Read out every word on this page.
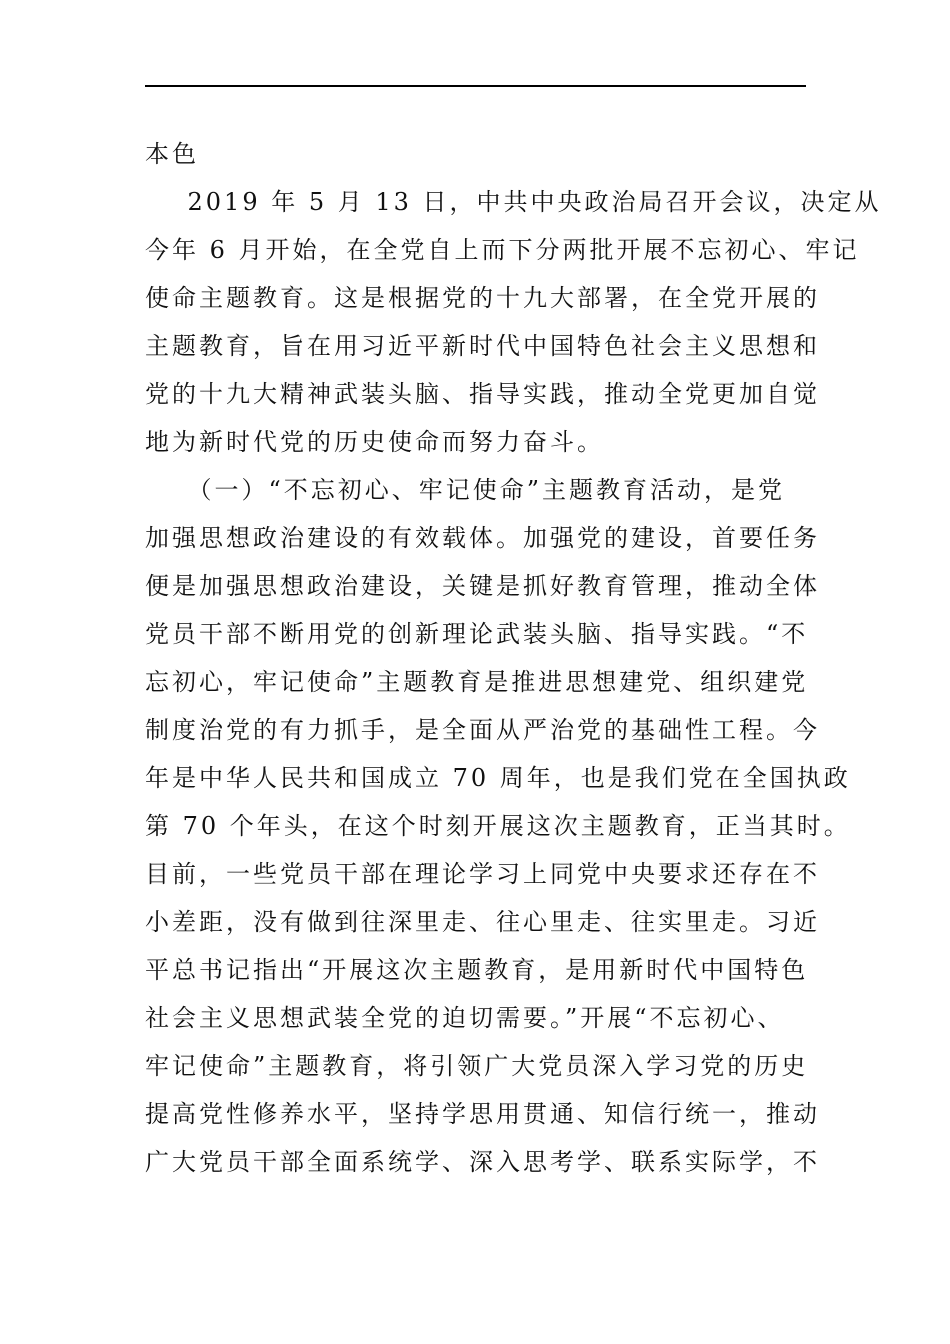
本色
2019 年 5 月 13 日，中共中央政治局召开会议，决定从
今年 6 月开始，在全党自上而下分两批开展不忘初心、牢记
使命主题教育。这是根据党的十九大部署，在全党开展的
主题教育，旨在用习近平新时代中国特色社会主义思想和
党的十九大精神武装头脑、指导实践，推动全党更加自觉
地为新时代党的历史使命而努力奋斗。
（一）“不忘初心、牢记使命”主题教育活动，是党
加强思想政治建设的有效载体。加强党的建设，首要任务
便是加强思想政治建设，关键是抓好教育管理，推动全体
党员干部不断用党的创新理论武装头脑、指导实践。“不
忘初心，牢记使命”主题教育是推进思想建党、组织建党
制度治党的有力抓手，是全面从严治党的基础性工程。今
年是中华人民共和国成立 70 周年，也是我们党在全国执政
第 70 个年头，在这个时刻开展这次主题教育，正当其时。
目前，一些党员干部在理论学习上同党中央要求还存在不
小差距，没有做到往深里走、往心里走、往实里走。习近
平总书记指出“开展这次主题教育，是用新时代中国特色
社会主义思想武装全党的迫切需要。”开展“不忘初心、
牢记使命”主题教育，将引领广大党员深入学习党的历史
提高党性修养水平，坚持学思用贯通、知信行统一，推动
广大党员干部全面系统学、深入思考学、联系实际学，不
